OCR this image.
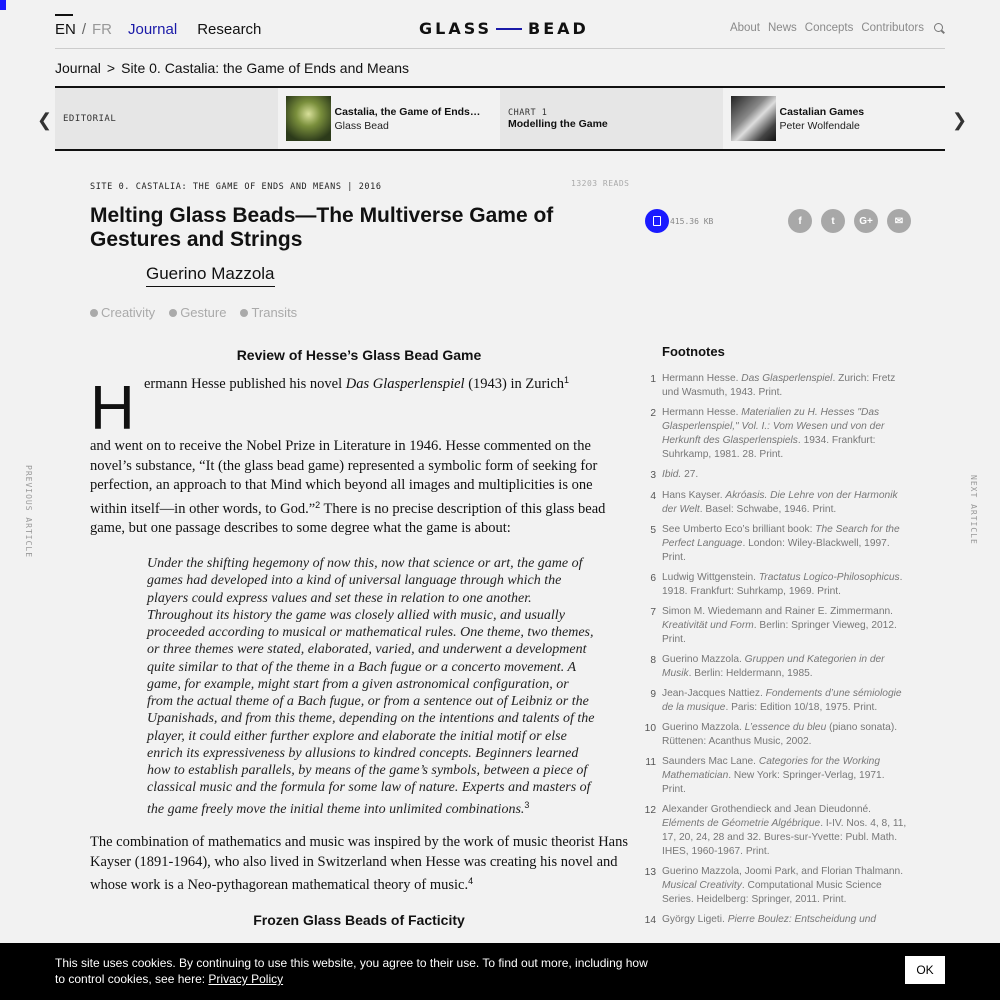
EN / FR Journal Research	GLASS BEAD	About News Concepts Contributors
Journal > Site 0. Castalia: the Game of Ends and Means
❮	❯
EDITORIAL
Castalia, the Game of Ends…
Glass Bead
CHART 1
Modelling the Game
Castalian Games
Peter Wolfendale
PREVIOUS ARTICLE	NEXT ARTICLE
SITE 0. CASTALIA: THE GAME OF ENDS AND MEANS | 2016	13203 READS
Melting Glass Beads—The Multiverse Game of Gestures and Strings
Guerino Mazzola
415.36 KB	f	t	G+	✉
Creativity	Gesture	Transits
Review of Hesse’s Glass Bead Game
H ermann Hesse published his novel Das Glasperlenspiel (1943) in Zurich$^1$

and went on to receive the Nobel Prize in Literature in 1946. Hesse commented on the novel’s substance, “It (the glass bead game) represented a symbolic form of seeking for perfection, an approach to that Mind which beyond all images and multiplicities is one within itself—in other words, to God.”$^2$ There is no precise description of this glass bead game, but one passage describes to some degree what the game is about:

Under the shifting hegemony of now this, now that science or art, the game of games had developed into a kind of universal language through which the players could express values and set these in relation to one another. Throughout its history the game was closely allied with music, and usually proceeded according to musical or mathematical rules. One theme, two themes, or three themes were stated, elaborated, varied, and underwent a development quite similar to that of the theme in a Bach fugue or a concerto movement. A game, for example, might start from a given astronomical configuration, or from the actual theme of a Bach fugue, or from a sentence out of Leibniz or the Upanishads, and from this theme, depending on the intentions and talents of the player, it could either further explore and elaborate the initial motif or else enrich its expressiveness by allusions to kindred concepts. Beginners learned how to establish parallels, by means of the game’s symbols, between a piece of classical music and the formula for some law of nature. Experts and masters of the game freely move the initial theme into unlimited combinations.$^3$

The combination of mathematics and music was inspired by the work of music theorist Hans Kayser (1891-1964), who also lived in Switzerland when Hesse was creating his novel and whose work is a Neo-pythagorean mathematical theory of music.$^4$

Frozen Glass Beads of Facticity
Footnotes
1 Hermann Hesse. Das Glasperlenspiel. Zurich: Fretz und Wasmuth, 1943. Print.
2 Hermann Hesse. Materialien zu H. Hesses "Das Glasperlenspiel," Vol. I.: Vom Wesen und von der Herkunft des Glasperlenspiels. 1934. Frankfurt: Suhrkamp, 1981. 28. Print.
3 Ibid. 27.
4 Hans Kayser. Akróasis. Die Lehre von der Harmonik der Welt. Basel: Schwabe, 1946. Print.
5 See Umberto Eco’s brilliant book: The Search for the Perfect Language. London: Wiley-Blackwell, 1997. Print.
6 Ludwig Wittgenstein. Tractatus Logico-Philosophicus. 1918. Frankfurt: Suhrkamp, 1969. Print.
7 Simon M. Wiedemann and Rainer E. Zimmermann. Kreativität und Form. Berlin: Springer Vieweg, 2012. Print.
8 Guerino Mazzola. Gruppen und Kategorien in der Musik. Berlin: Heldermann, 1985.
9 Jean-Jacques Nattiez. Fondements d’une sémiologie de la musique. Paris: Edition 10/18, 1975. Print.
10 Guerino Mazzola. L’essence du bleu (piano sonata). Rüttenen: Acanthus Music, 2002.
11 Saunders Mac Lane. Categories for the Working Mathematician. New York: Springer-Verlag, 1971. Print.
12 Alexander Grothendieck and Jean Dieudonné. Eléments de Géometrie Algébrique. I-IV. Nos. 4, 8, 11, 17, 20, 24, 28 and 32. Bures-sur-Yvette: Publ. Math. IHES, 1960-1967. Print.
13 Guerino Mazzola, Joomi Park, and Florian Thalmann. Musical Creativity. Computational Music Science Series. Heidelberg: Springer, 2011. Print.
14 György Ligeti. Pierre Boulez: Entscheidung und
This site uses cookies. By continuing to use this website, you agree to their use. To find out more, including how to control cookies, see here: Privacy Policy
OK
